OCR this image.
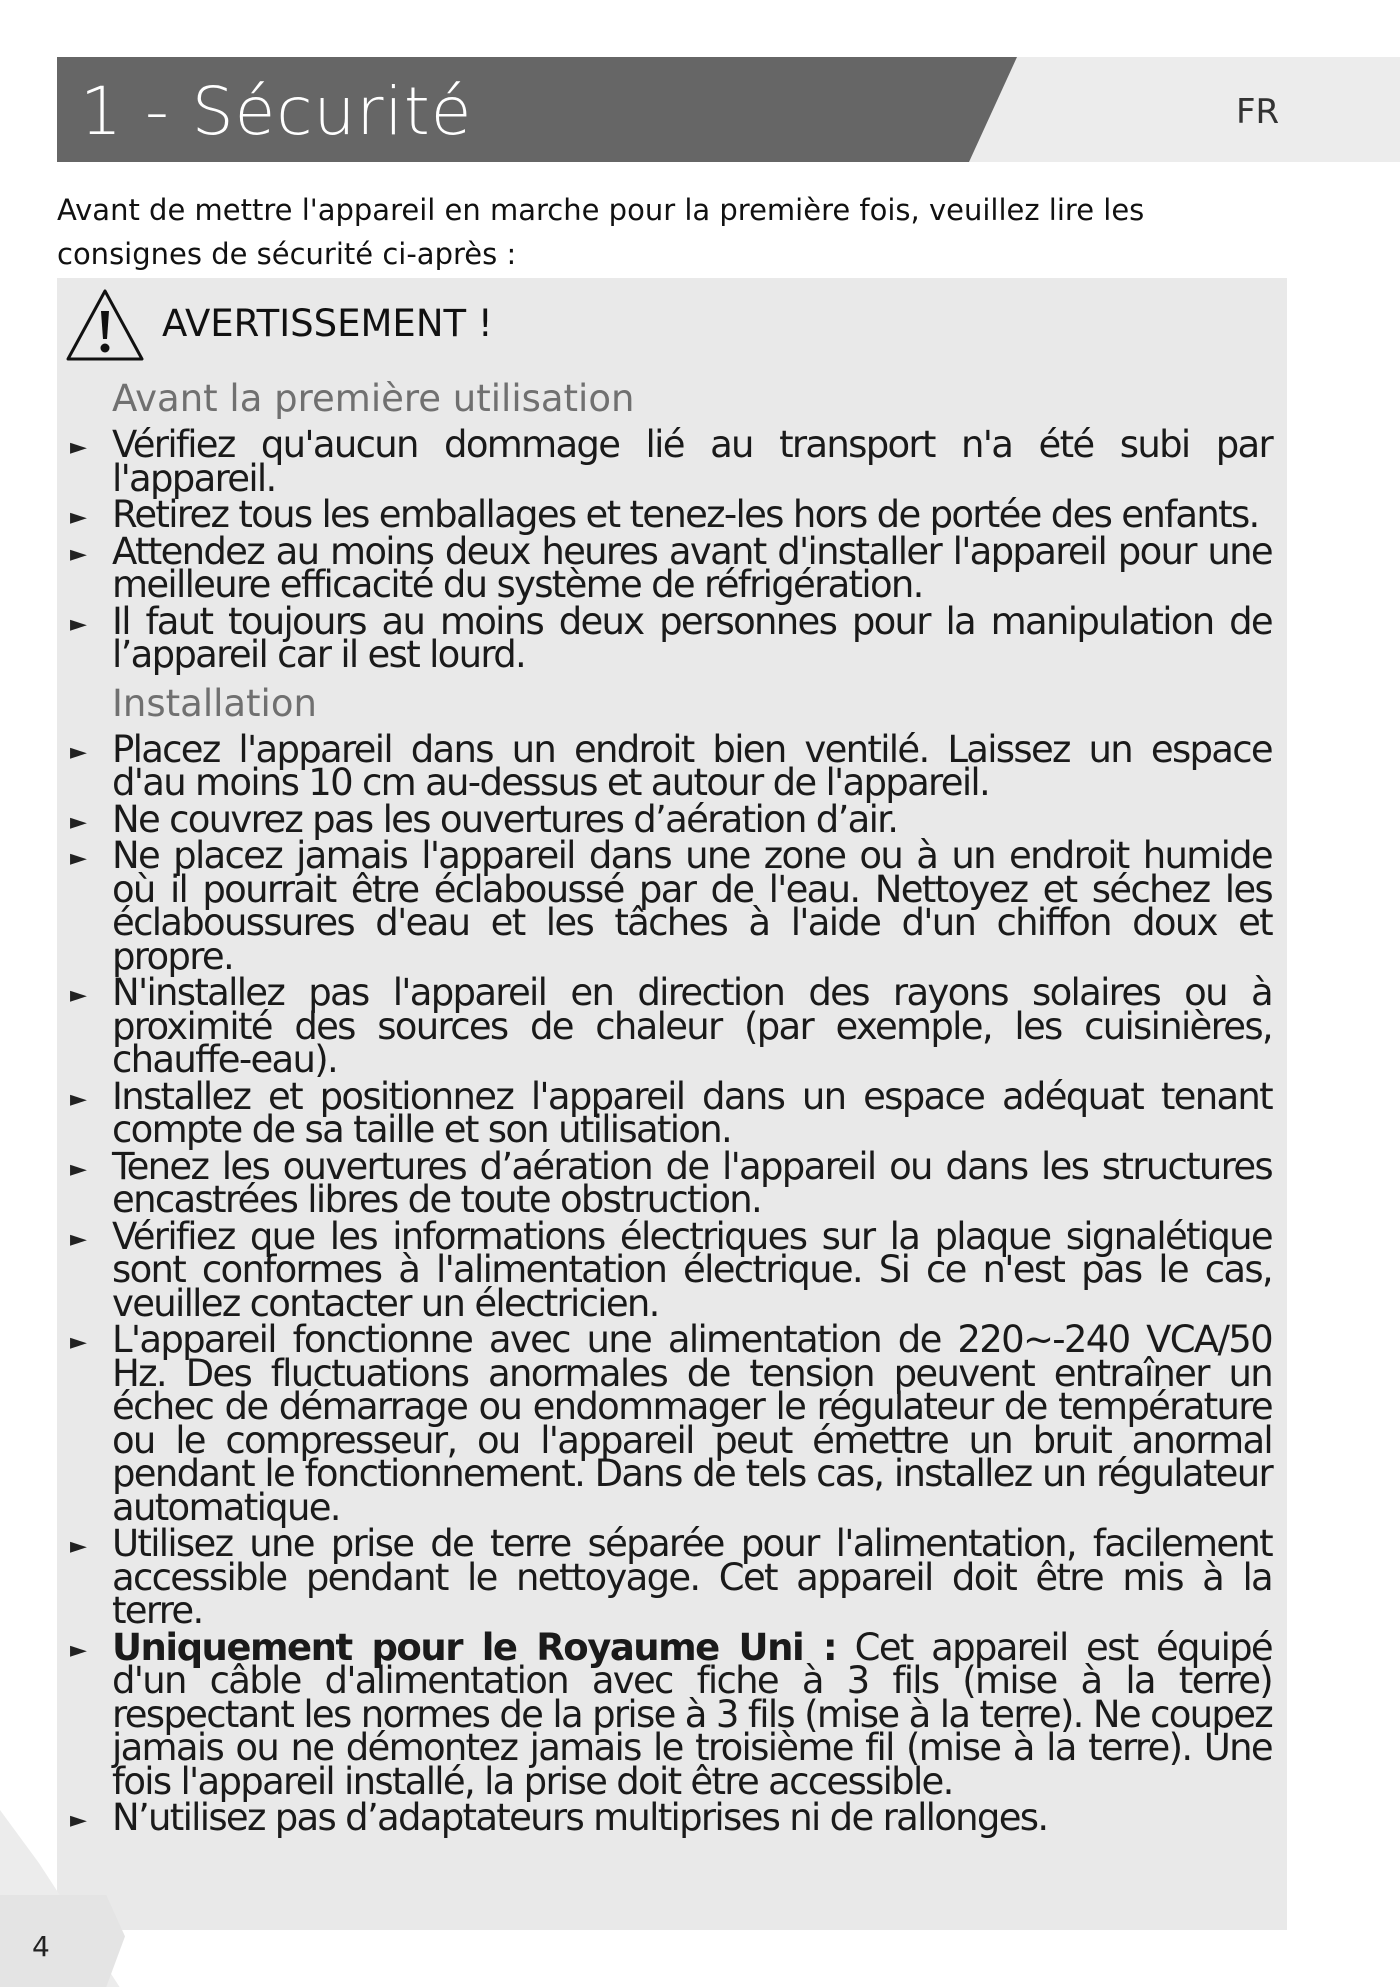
1 - Sécurité	FR
Avant de mettre l'appareil en marche pour la première fois, veuillez lire les consignes de sécurité ci-après :
AVERTISSEMENT !
Avant la première utilisation
► Vérifiez qu'aucun dommage lié au transport n'a été subi par l'appareil.
► Retirez tous les emballages et tenez-les hors de portée des enfants.
► Attendez au moins deux heures avant d'installer l'appareil pour une meilleure efficacité du système de réfrigération.
► Il faut toujours au moins deux personnes pour la manipulation de l’appareil car il est lourd.
Installation
► Placez l'appareil dans un endroit bien ventilé. Laissez un espace d'au moins 10 cm au-dessus et autour de l'appareil.
► Ne couvrez pas les ouvertures d’aération d’air.
► Ne placez jamais l'appareil dans une zone ou à un endroit humide où il pourrait être éclaboussé par de l'eau. Nettoyez et séchez les éclaboussures d'eau et les tâches à l'aide d'un chiffon doux et propre.
► N'installez pas l'appareil en direction des rayons solaires ou à proximité des sources de chaleur (par exemple, les cuisinières, chauffe-eau).
► Installez et positionnez l'appareil dans un espace adéquat tenant compte de sa taille et son utilisation.
► Tenez les ouvertures d’aération de l'appareil ou dans les structures encastrées libres de toute obstruction.
► Vérifiez que les informations électriques sur la plaque signalétique sont conformes à l'alimentation électrique. Si ce n'est pas le cas, veuillez contacter un électricien.
► L'appareil fonctionne avec une alimentation de 220~-240 VCA/50 Hz. Des fluctuations anormales de tension peuvent entraîner un échec de démarrage ou endommager le régulateur de température ou le compresseur, ou l'appareil peut émettre un bruit anormal pendant le fonctionnement. Dans de tels cas, installez un régulateur automatique.
► Utilisez une prise de terre séparée pour l'alimentation, facilement accessible pendant le nettoyage. Cet appareil doit être mis à la terre.
► Uniquement pour le Royaume Uni : Cet appareil est équipé d'un câble d'alimentation avec fiche à 3 fils (mise à la terre) respectant les normes de la prise à 3 fils (mise à la terre). Ne coupez jamais ou ne démontez jamais le troisième fil (mise à la terre). Une fois l'appareil installé, la prise doit être accessible.
► N’utilisez pas d’adaptateurs multiprises ni de rallonges.
4
